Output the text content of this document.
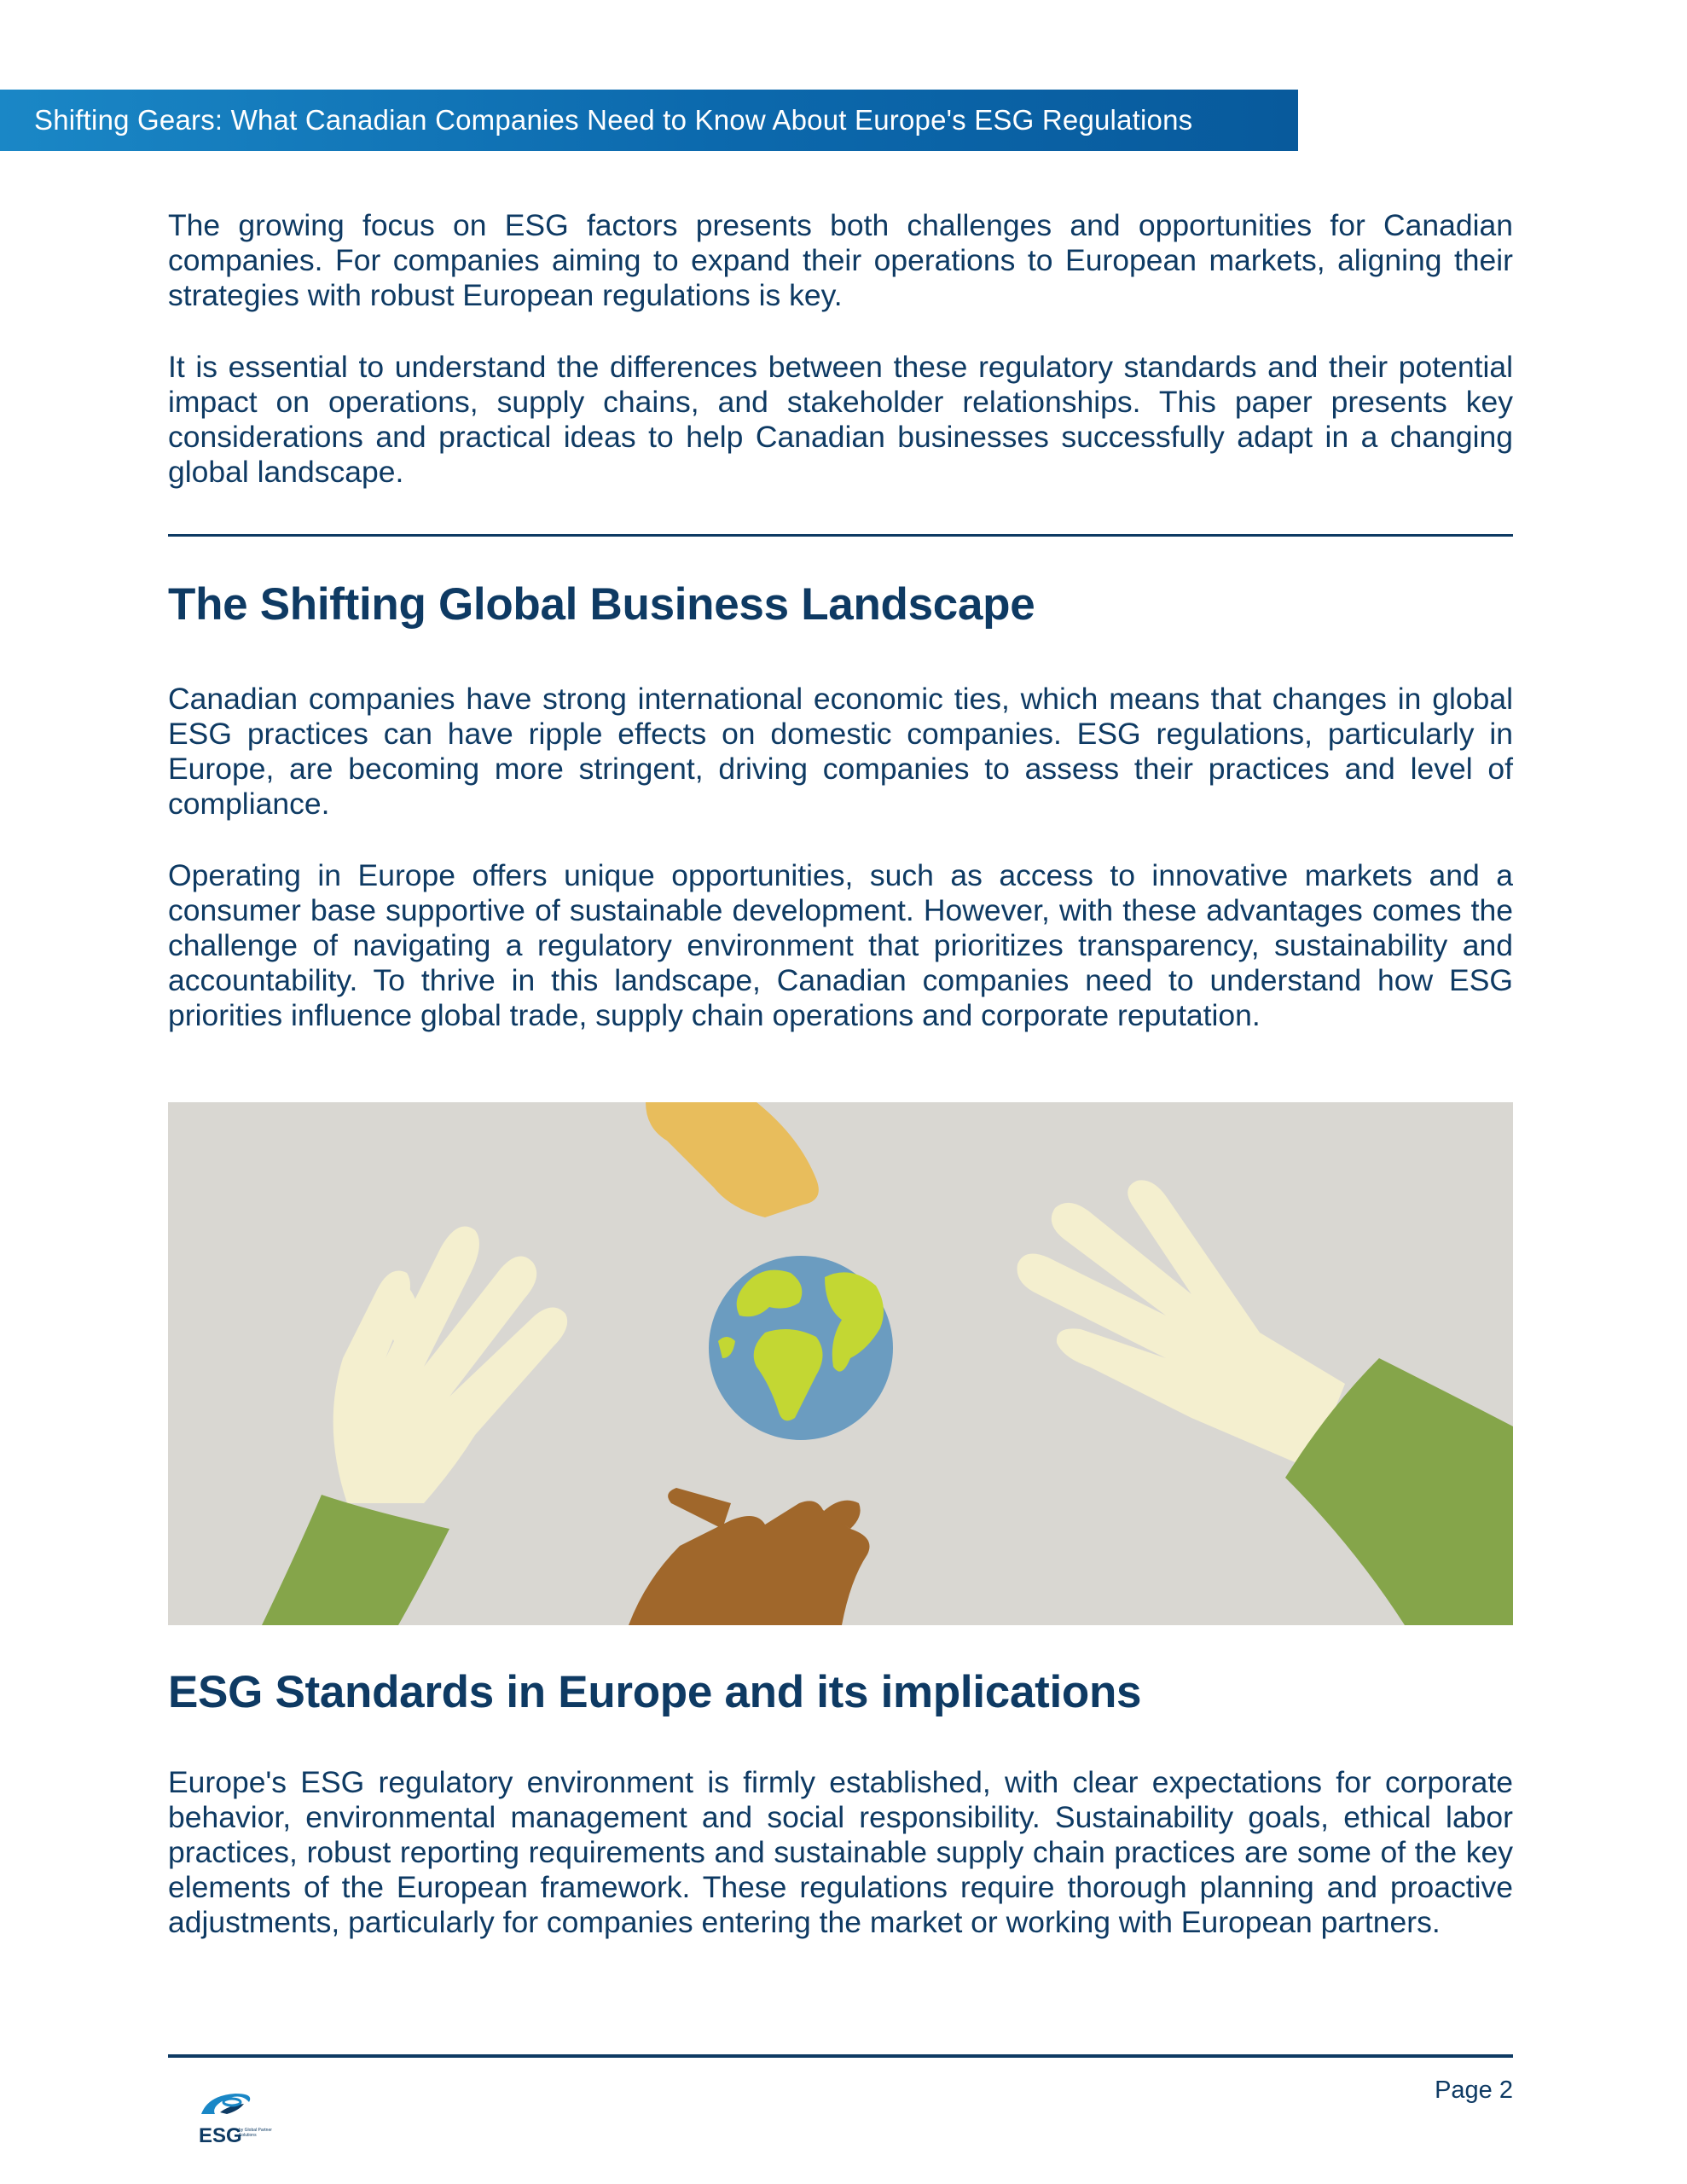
Shifting Gears: What Canadian Companies Need to Know About Europe's ESG Regulations

The growing focus on ESG factors presents both challenges and opportunities for Canadian companies. For companies aiming to expand their operations to European markets, aligning their strategies with robust European regulations is key.

It is essential to understand the differences between these regulatory standards and their potential impact on operations, supply chains, and stakeholder relationships. This paper presents key considerations and practical ideas to help Canadian businesses successfully adapt in a changing global landscape.

The Shifting Global Business Landscape

Canadian companies have strong international economic ties, which means that changes in global ESG practices can have ripple effects on domestic companies. ESG regulations, particularly in Europe, are becoming more stringent, driving companies to assess their practices and level of compliance.

Operating in Europe offers unique opportunities, such as access to innovative markets and a consumer base supportive of sustainable development. However, with these advantages comes the challenge of navigating a regulatory environment that prioritizes transparency, sustainability and accountability. To thrive in this landscape, Canadian companies need to understand how ESG priorities influence global trade, supply chain operations and corporate reputation.

ESG Standards in Europe and its implications

Europe's ESG regulatory environment is firmly established, with clear expectations for corporate behavior, environmental management and social responsibility. Sustainability goals, ethical labor practices, robust reporting requirements and sustainable supply chain practices are some of the key elements of the European framework. These regulations require thorough planning and proactive adjustments, particularly for companies entering the market or working with European partners.

ESG
by Global Partner Solutions
Page 2
